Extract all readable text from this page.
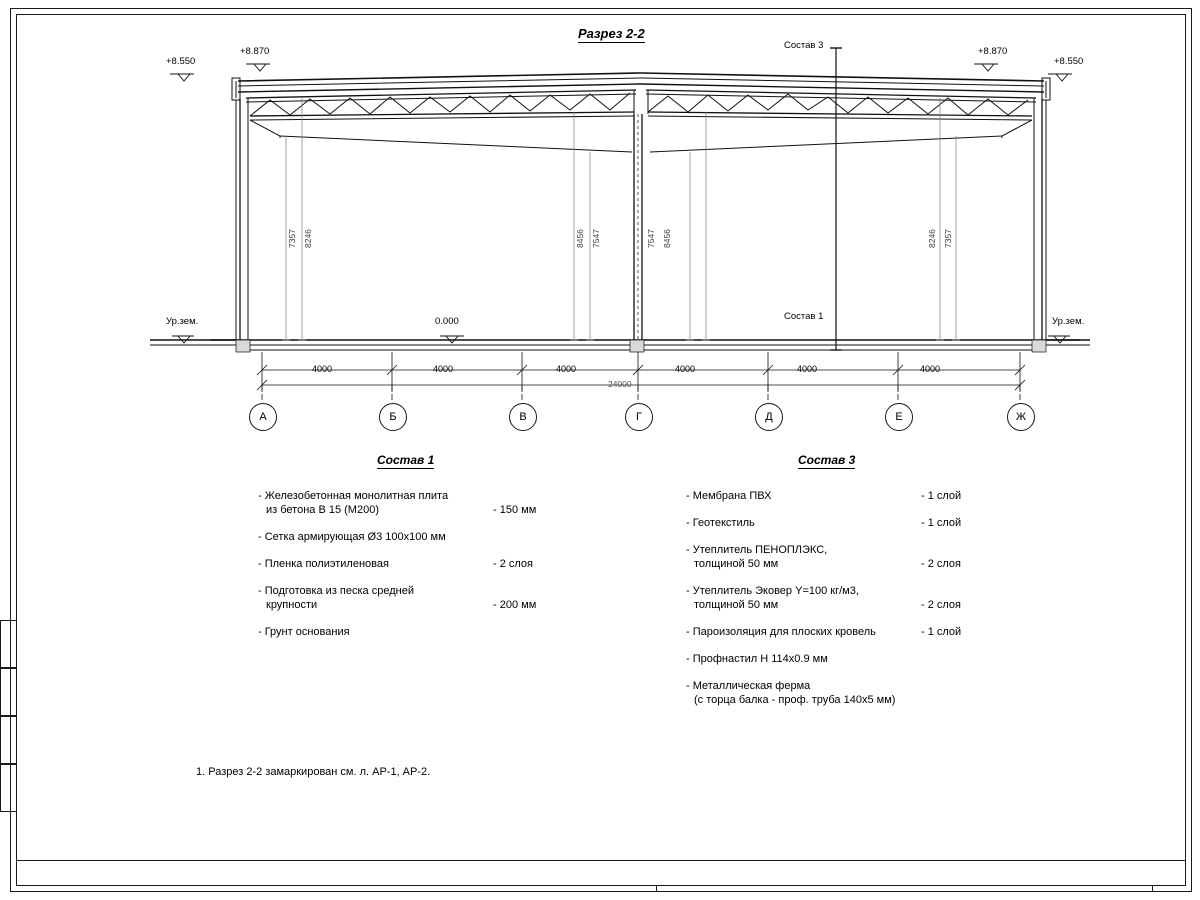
Разрез 2-2
+8.550
+8.870	+8.870
+8.550
0.000
Ур.зем.	Ур.зем.
Состав 3
Состав 1
7357 8246	8456 7547	7547 8456	8246 7357
4000	4000	4000	4000	4000	4000
24000
А	Б	В	Г	Д	Е	Ж
Состав 1
- Железобетонная монолитная плита
из бетона В 15 (М200)	- 150 мм
- Сетка армирующая Ø3 100х100 мм
- Пленка полиэтиленовая	- 2 слоя
- Подготовка из песка средней
крупности	- 200 мм
- Грунт основания
Состав 3
- Мембрана ПВХ	- 1 слой
- Геотекстиль	- 1 слой
- Утеплитель ПЕНОПЛЭКС,
толщиной 50 мм	- 2 слоя
- Утеплитель Эковер Y=100 кг/м3,
толщиной 50 мм	- 2 слоя
- Пароизоляция для плоских кровель	- 1 слой
- Профнастил Н 114х0.9 мм
- Металлическая ферма
(с торца балка - проф. труба 140х5 мм)
1. Разрез 2-2 замаркирован см. л. АР-1, АР-2.
